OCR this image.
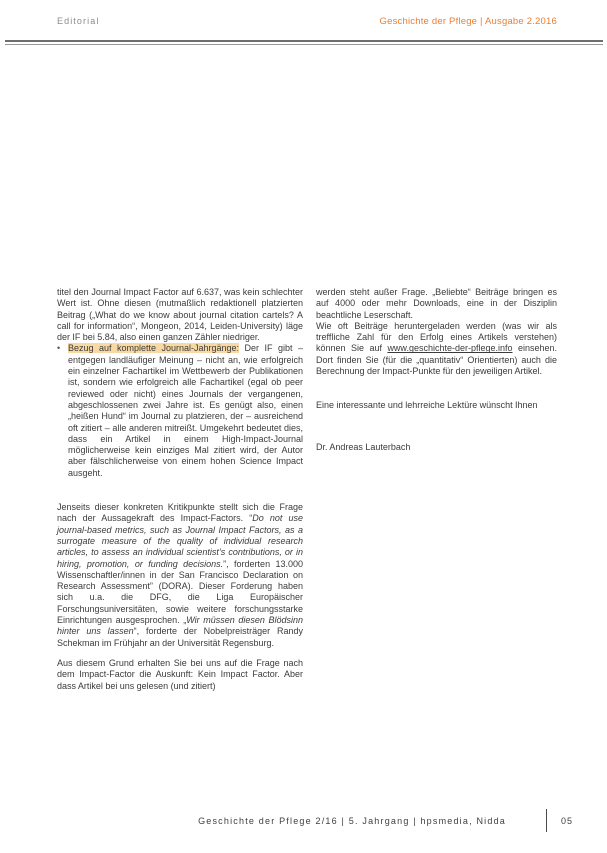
Editorial	Geschichte der Pflege | Ausgabe 2.2016
titel den Journal Impact Factor auf 6.637, was kein schlechter Wert ist. Ohne diesen (mutmaßlich redaktionell platzierten Beitrag („What do we know about journal citation cartels? A call for information“, Mongeon, 2014, Leiden-University) läge der IF bei 5.84, also einen ganzen Zähler niedriger.
• Bezug auf komplette Journal-Jahrgänge: Der IF gibt – entgegen landläufiger Meinung – nicht an, wie erfolgreich ein einzelner Fachartikel im Wettbewerb der Publikationen ist, sondern wie erfolgreich alle Fachartikel (egal ob peer reviewed oder nicht) eines Journals der vergangenen, abgeschlossenen zwei Jahre ist. Es genügt also, einen „heißen Hund“ im Journal zu platzieren, der – ausreichend oft zitiert – alle anderen mitreißt. Umgekehrt bedeutet dies, dass ein Artikel in einem High-Impact-Journal möglicherweise kein einziges Mal zitiert wird, der Autor aber fälschlicherweise von einem hohen Science Impact ausgeht.
Jenseits dieser konkreten Kritikpunkte stellt sich die Frage nach der Aussagekraft des Impact-Factors. “Do not use journal-based metrics, such as Journal Impact Factors, as a surrogate measure of the quality of individual research articles, to assess an individual scientist’s contributions, or in hiring, promotion, or funding decisions.”, forderten 13.000 Wissenschaftler/innen in der San Francisco Declaration on Research Assessment” (DORA). Dieser Forderung haben sich u.a. die DFG, die Liga Europäischer Forschungsuniversitäten, sowie weitere forschungsstarke Einrichtungen ausgesprochen. „Wir müssen diesen Blödsinn hinter uns lassen“, forderte der Nobelpreisträger Randy Schekman im Frühjahr an der Universität Regensburg.
Aus diesem Grund erhalten Sie bei uns auf die Frage nach dem Impact-Factor die Auskunft: Kein Impact Factor. Aber dass Artikel bei uns gelesen (und zitiert)
werden steht außer Frage. „Beliebte“ Beiträge bringen es auf 4000 oder mehr Downloads, eine in der Disziplin beachtliche Leserschaft.
Wie oft Beiträge heruntergeladen werden (was wir als treffliche Zahl für den Erfolg eines Artikels verstehen) können Sie auf www.geschichte-der-pflege.info einsehen. Dort finden Sie (für die „quantitativ“ Orientierten) auch die Berechnung der Impact-Punkte für den jeweiligen Artikel.
Eine interessante und lehrreiche Lektüre wünscht Ihnen
Dr. Andreas Lauterbach
Geschichte der Pflege 2/16 | 5. Jahrgang | hpsmedia, Nidda	05
